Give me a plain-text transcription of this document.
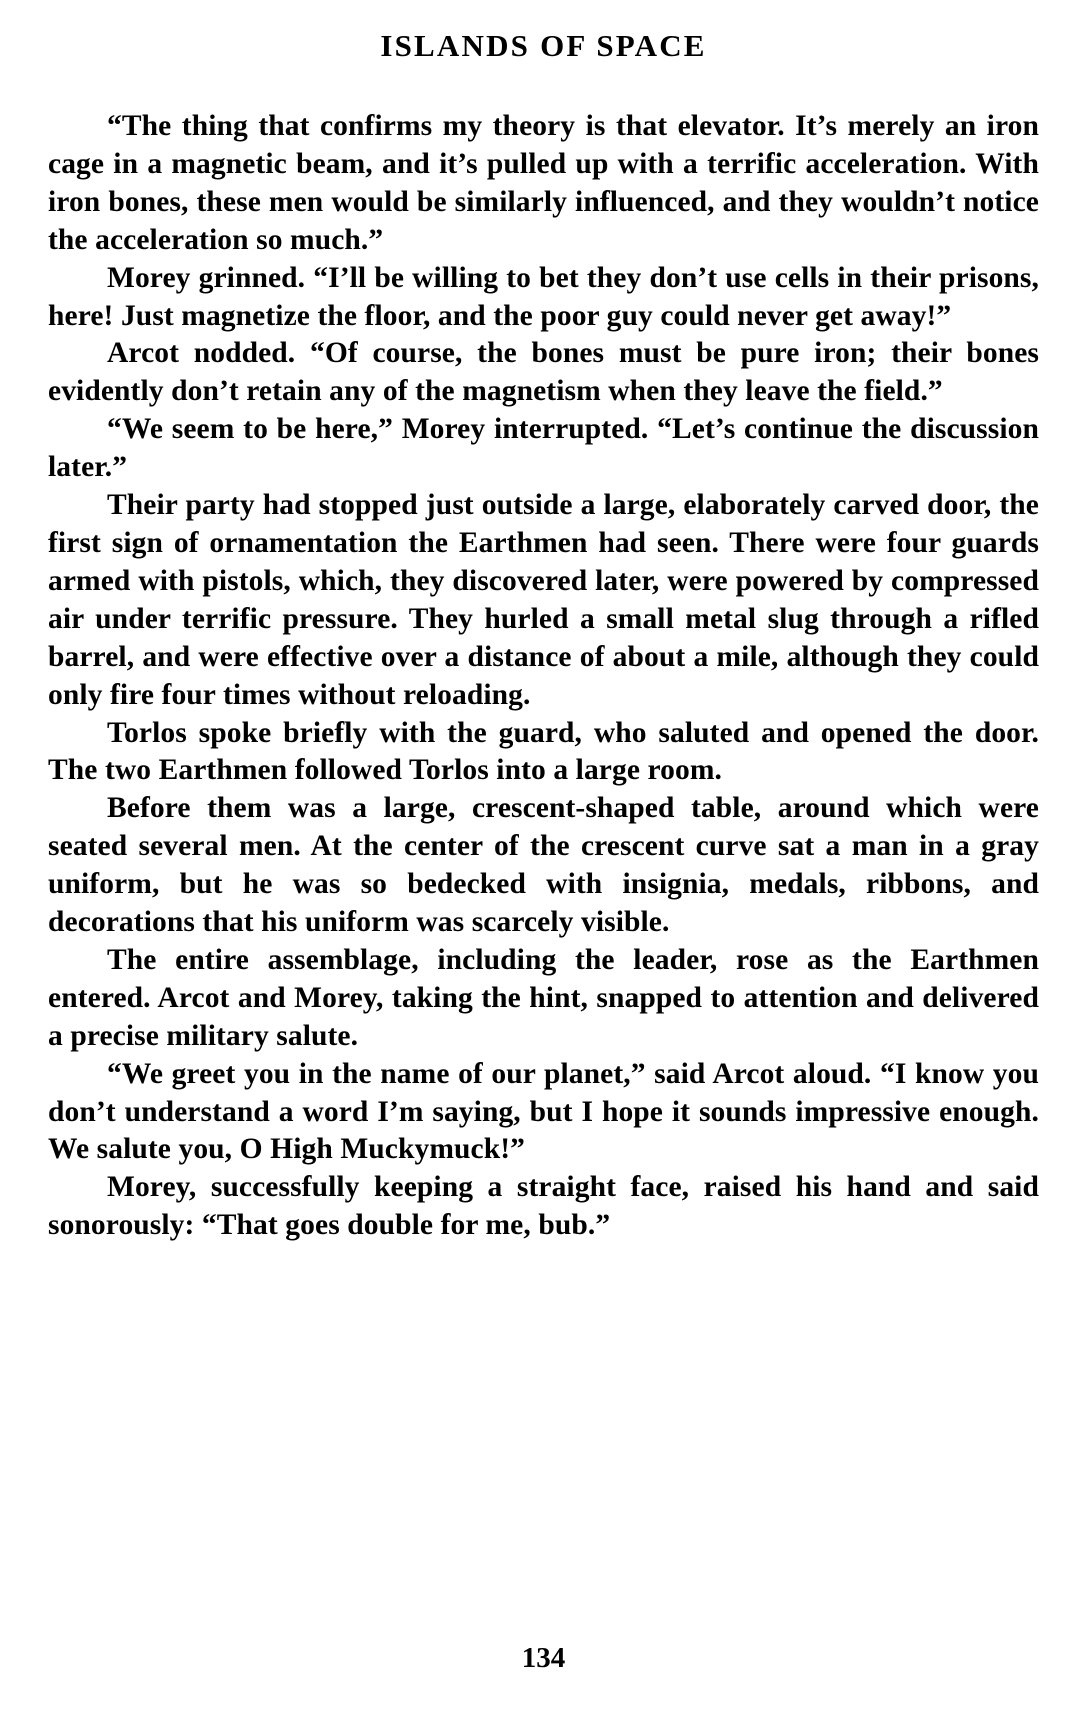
ISLANDS OF SPACE

“The thing that confirms my theory is that elevator. It’s merely an iron cage in a magnetic beam, and it’s pulled up with a terrific acceleration. With iron bones, these men would be similarly influenced, and they wouldn’t notice the acceleration so much.”

Morey grinned. “I’ll be willing to bet they don’t use cells in their prisons, here! Just magnetize the floor, and the poor guy could never get away!”

Arcot nodded. “Of course, the bones must be pure iron; their bones evidently don’t retain any of the magnetism when they leave the field.”

“We seem to be here,” Morey interrupted. “Let’s continue the discussion later.”

Their party had stopped just outside a large, elaborately carved door, the first sign of ornamentation the Earthmen had seen. There were four guards armed with pistols, which, they discovered later, were powered by compressed air under terrific pressure. They hurled a small metal slug through a rifled barrel, and were effective over a distance of about a mile, although they could only fire four times without reloading.

Torlos spoke briefly with the guard, who saluted and opened the door. The two Earthmen followed Torlos into a large room.

Before them was a large, crescent-shaped table, around which were seated several men. At the center of the crescent curve sat a man in a gray uniform, but he was so bedecked with insignia, medals, ribbons, and decorations that his uniform was scarcely visible.

The entire assemblage, including the leader, rose as the Earthmen entered. Arcot and Morey, taking the hint, snapped to attention and delivered a precise military salute.

“We greet you in the name of our planet,” said Arcot aloud. “I know you don’t understand a word I’m saying, but I hope it sounds impressive enough. We salute you, O High Muckymuck!”

Morey, successfully keeping a straight face, raised his hand and said sonorously: “That goes double for me, bub.”

134
